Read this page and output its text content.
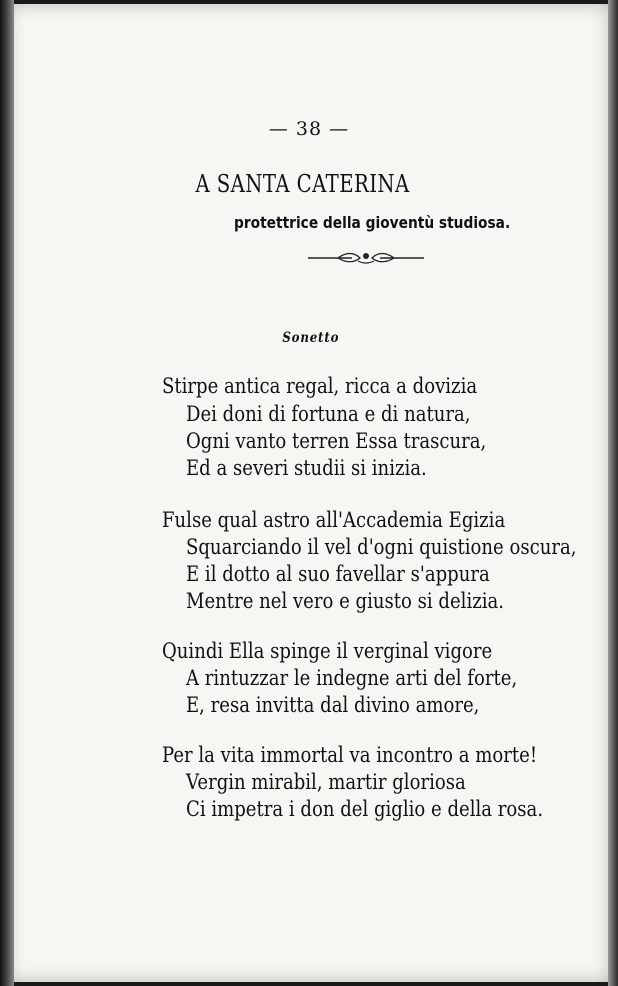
— 38 —
A SANTA CATERINA
protettrice della gioventù studiosa.
Sonetto
Stirpe antica regal, ricca a dovizia
Dei doni di fortuna e di natura,
Ogni vanto terren Essa trascura,
Ed a severi studii si inizia.
Fulse qual astro all'Accademia Egizia
Squarciando il vel d'ogni quistione oscura,
E il dotto al suo favellar s'appura
Mentre nel vero e giusto si delizia.
Quindi Ella spinge il verginal vigore
A rintuzzar le indegne arti del forte,
E, resa invitta dal divino amore,
Per la vita immortal va incontro a morte!
Vergin mirabil, martir gloriosa
Ci impetra i don del giglio e della rosa.
